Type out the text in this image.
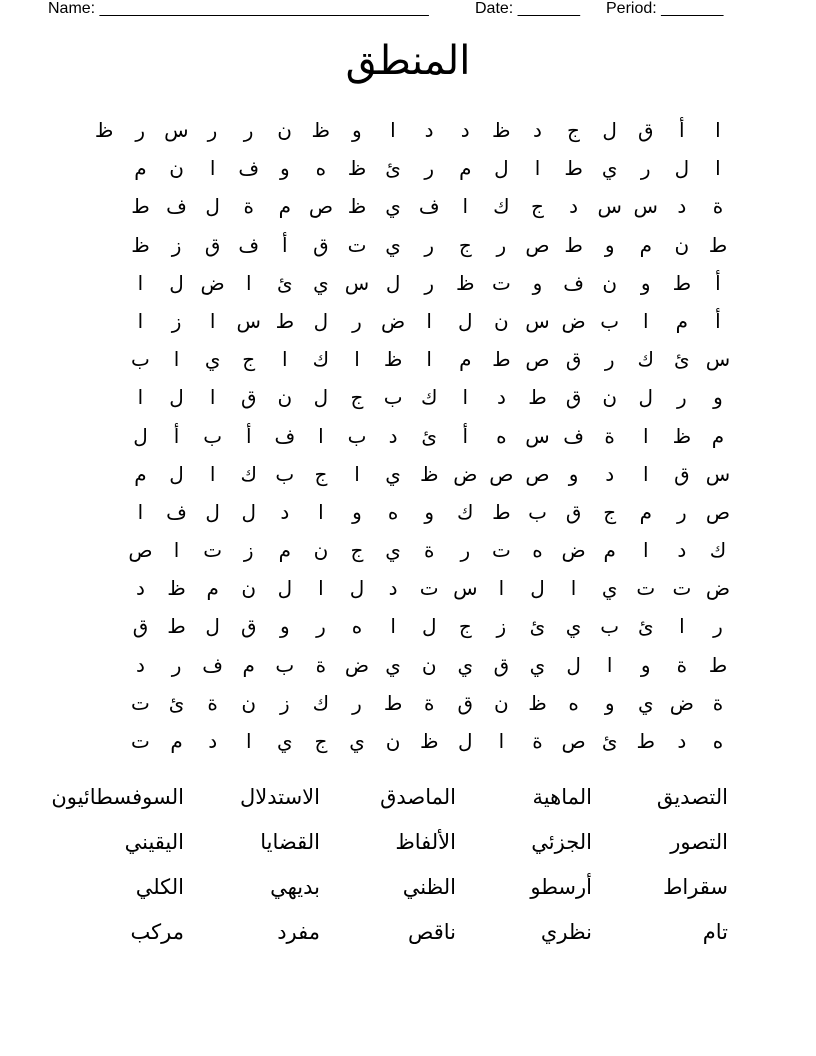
Name: _____________________________________	Date: _______ Period: _______
المنطق
ا
أ
ق
ل
ج
د
ظ
د
د
ا
و
ظ
ن
ر
ر
س
ر
ظ
ا
ل
ر
ي
ط
ا
ل
م
ر
ئ
ظ
ه
و
ف
ا
ن
م
ة
د
س
س
د
ج
ك
ا
ف
ي
ظ
ص
م
ة
ل
ف
ط
ط
ن
م
و
ط
ص
ر
ج
ر
ي
ت
ق
أ
ف
ق
ز
ظ
أ
ط
و
ن
ف
و
ت
ظ
ر
ل
س
ي
ئ
ا
ض
ل
ا
أ
م
ا
ب
ض
س
ن
ل
ا
ض
ر
ل
ط
س
ا
ز
ا
س
ئ
ك
ر
ق
ص
ط
م
ا
ظ
ا
ك
ا
ج
ي
ا
ب
و
ر
ل
ن
ق
ط
د
ا
ك
ب
ج
ل
ن
ق
ا
ل
ا
م
ظ
ا
ة
ف
س
ه
أ
ئ
د
ب
ا
ف
أ
ب
أ
ل
س
ق
ا
د
و
ص
ص
ض
ظ
ي
ا
ج
ب
ك
ا
ل
م
ص
ر
م
ج
ق
ب
ط
ك
و
ه
و
ا
د
ل
ل
ف
ا
ك
د
ا
م
ض
ه
ت
ر
ة
ي
ج
ن
م
ز
ت
ا
ص
ض
ت
ت
ي
ا
ل
ا
س
ت
د
ل
ا
ل
ن
م
ظ
د
ر
ا
ئ
ب
ي
ئ
ز
ج
ل
ا
ه
ر
و
ق
ل
ط
ق
ط
ة
و
ا
ل
ي
ق
ي
ن
ي
ض
ة
ب
م
ف
ر
د
ة
ض
ي
و
ه
ظ
ن
ق
ة
ط
ر
ك
ز
ن
ة
ئ
ت
ه
د
ط
ئ
ص
ة
ا
ل
ظ
ن
ي
ج
ي
ا
د
م
ت
التصديق
الماهية
الماصدق
الاستدلال
السوفسطائيون
التصور
الجزئي
الألفاظ
القضايا
اليقيني
سقراط
أرسطو
الظني
بديهي
الكلي
تام
نظري
ناقص
مفرد
مركب
